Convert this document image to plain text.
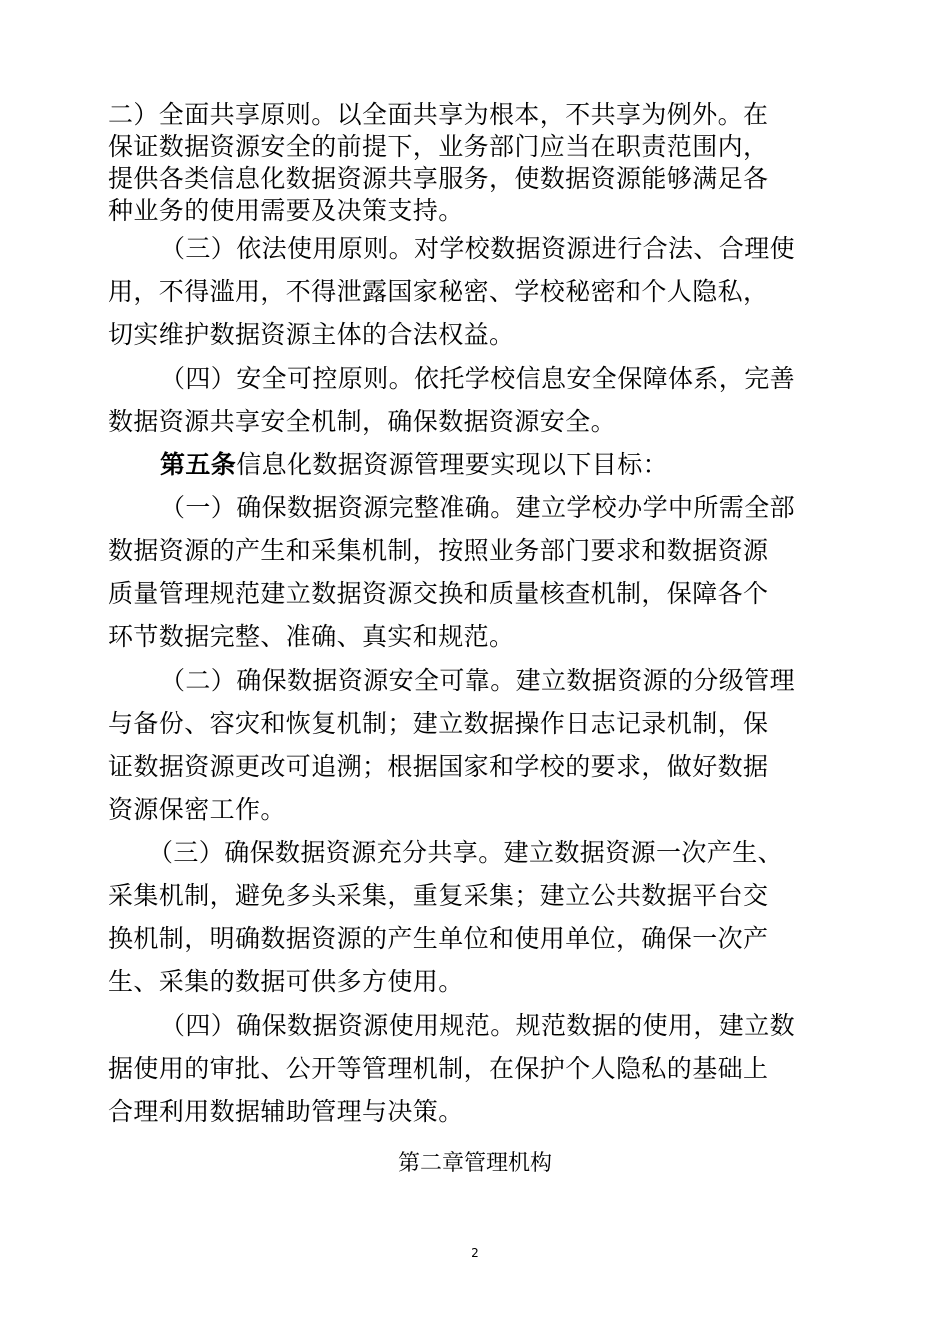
二）全面共享原则。以全面共享为根本，不共享为例外。在
保证数据资源安全的前提下，业务部门应当在职责范围内，
提供各类信息化数据资源共享服务，使数据资源能够满足各
种业务的使用需要及决策支持。
（三）依法使用原则。对学校数据资源进行合法、合理使
用，不得滥用，不得泄露国家秘密、学校秘密和个人隐私，
切实维护数据资源主体的合法权益。
（四）安全可控原则。依托学校信息安全保障体系，完善
数据资源共享安全机制，确保数据资源安全。
第五条信息化数据资源管理要实现以下目标：
（一）确保数据资源完整准确。建立学校办学中所需全部
数据资源的产生和采集机制，按照业务部门要求和数据资源
质量管理规范建立数据资源交换和质量核查机制，保障各个
环节数据完整、准确、真实和规范。
（二）确保数据资源安全可靠。建立数据资源的分级管理
与备份、容灾和恢复机制；建立数据操作日志记录机制，保
证数据资源更改可追溯；根据国家和学校的要求，做好数据
资源保密工作。
（三）确保数据资源充分共享。建立数据资源一次产生、
采集机制，避免多头采集，重复采集；建立公共数据平台交
换机制，明确数据资源的产生单位和使用单位，确保一次产
生、采集的数据可供多方使用。
（四）确保数据资源使用规范。规范数据的使用，建立数
据使用的审批、公开等管理机制，在保护个人隐私的基础上
合理利用数据辅助管理与决策。
第二章管理机构
2
